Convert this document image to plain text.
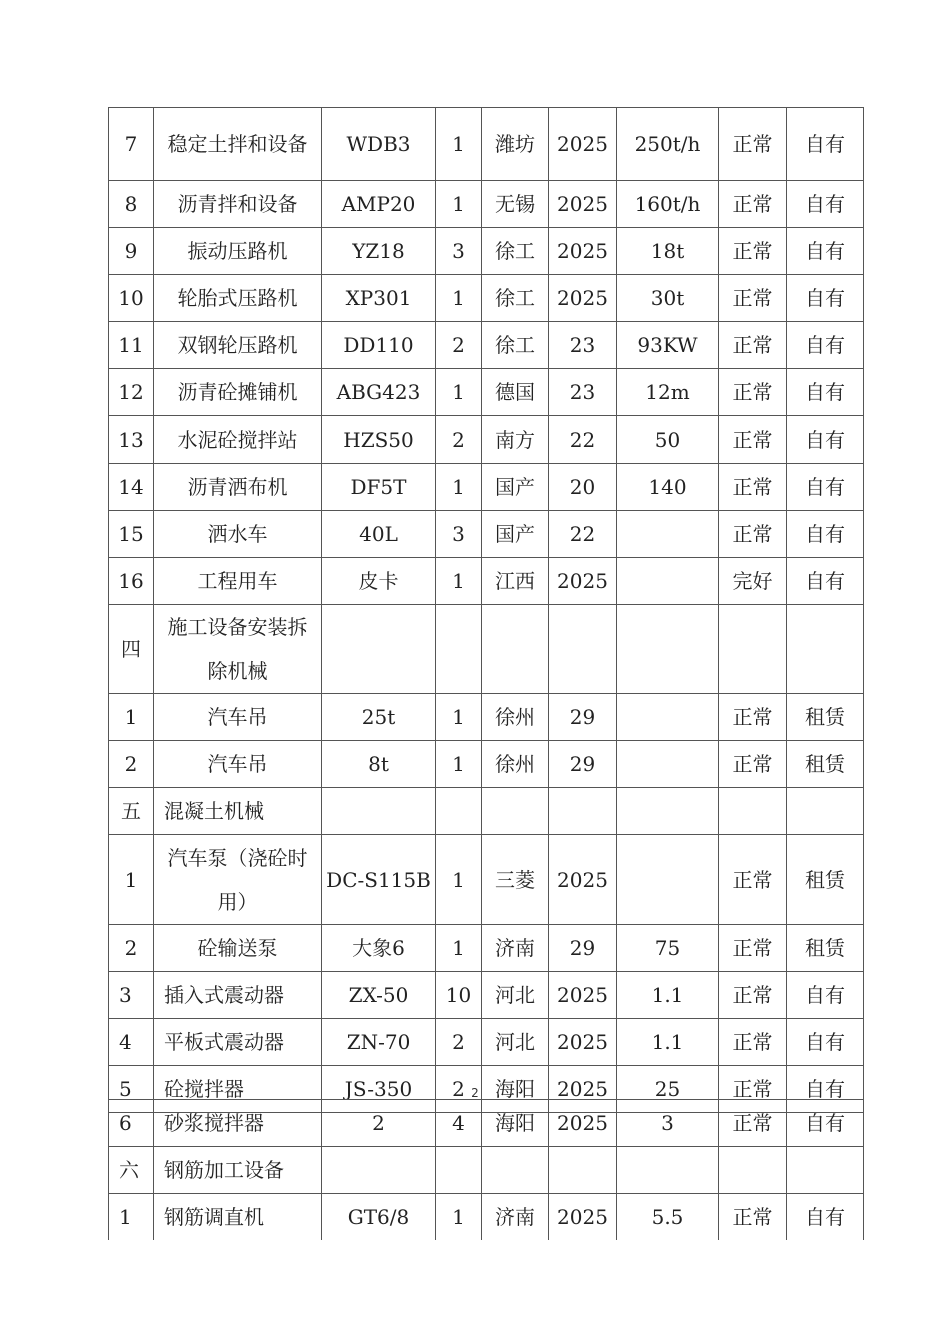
7	稳定土拌和设备	WDB3	1	潍坊	2025	250t/h	正常	自有
8	沥青拌和设备	AMP20	1	无锡	2025	160t/h	正常	自有
9	振动压路机	YZ18	3	徐工	2025	18t	正常	自有
10	轮胎式压路机	XP301	1	徐工	2025	30t	正常	自有
11	双钢轮压路机	DD110	2	徐工	23	93KW	正常	自有
12	沥青砼摊铺机	ABG423	1	德国	23	12m	正常	自有
13	水泥砼搅拌站	HZS50	2	南方	22	50	正常	自有
14	沥青洒布机	DF5T	1	国产	20	140	正常	自有
15	洒水车	40L	3	国产	22		正常	自有
16	工程用车	皮卡	1	江西	2025		完好	自有
四	施工设备安装拆除机械							
1	汽车吊	25t	1	徐州	29		正常	租赁
2	汽车吊	8t	1	徐州	29		正常	租赁
五	混凝土机械							
1	汽车泵（浇砼时用）	DC-S115B	1	三菱	2025		正常	租赁
2	砼输送泵	大象6	1	济南	29	75	正常	租赁
3	插入式震动器	ZX-50	10	河北	2025	1.1	正常	自有
4	平板式震动器	ZN-70	2	河北	2025	1.1	正常	自有
5	砼搅拌器	JS-350	2	海阳	2025	25	正常	自有
2
6	砂浆搅拌器	2	4	海阳	2025	3	正常	自有
六	钢筋加工设备							
1	钢筋调直机	GT6/8	1	济南	2025	5.5	正常	自有
